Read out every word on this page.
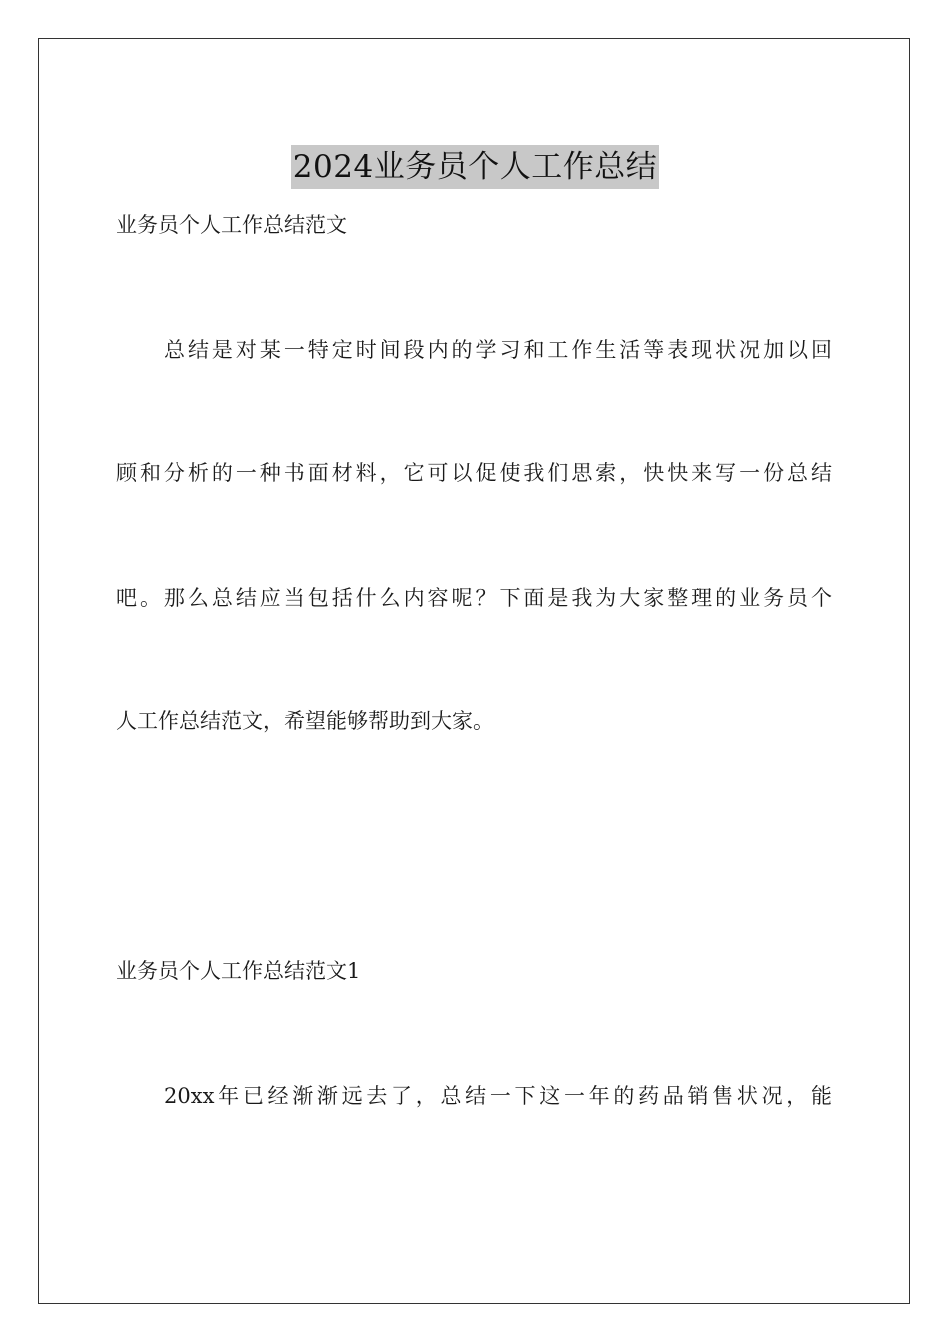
2024业务员个人工作总结
业务员个人工作总结范文
总结是对某一特定时间段内的学习和工作生活等表现状况加以回
顾和分析的一种书面材料，它可以促使我们思索，快快来写一份总结
吧。那么总结应当包括什么内容呢？下面是我为大家整理的业务员个
人工作总结范文，希望能够帮助到大家。
业务员个人工作总结范文1
20xx年已经渐渐远去了，总结一下这一年的药品销售状况，能
